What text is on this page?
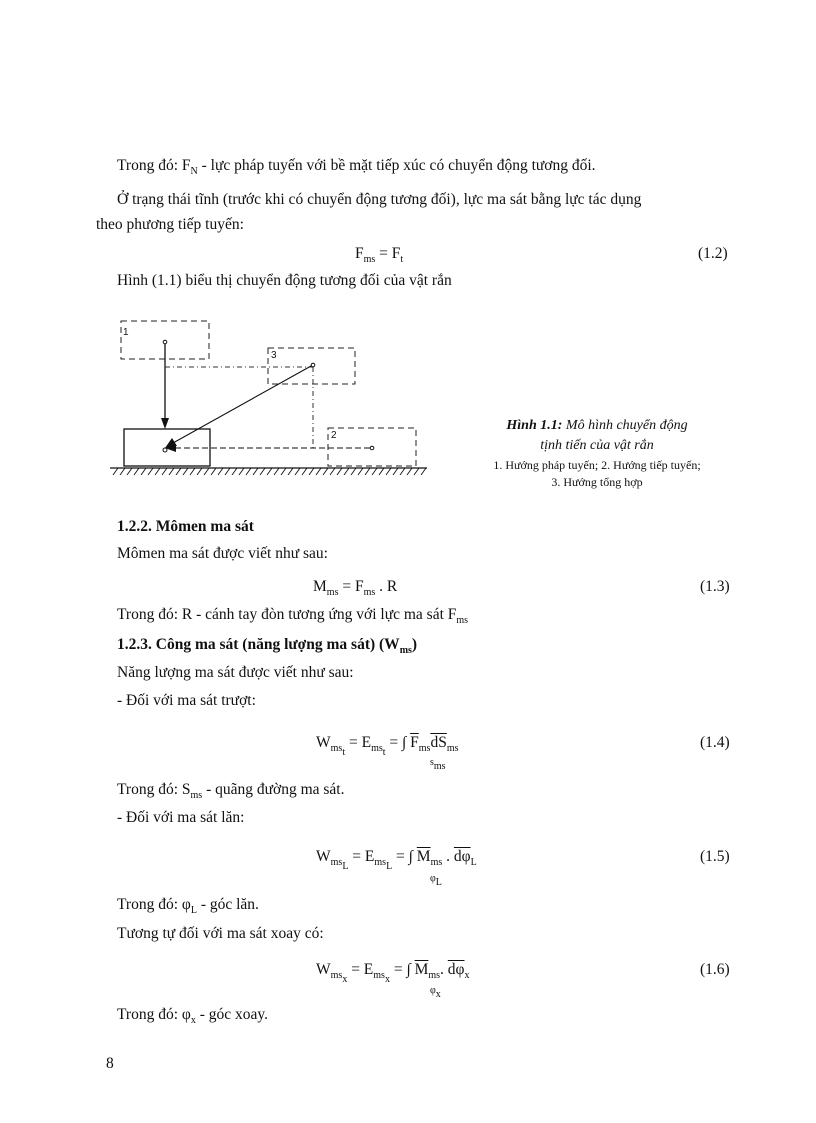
Trong đó: $F_N$ - lực pháp tuyến với bề mặt tiếp xúc có chuyển động tương đối.
Ở trạng thái tĩnh (trước khi có chuyển động tương đối), lực ma sát bằng lực tác dụng
theo phương tiếp tuyến:
$F_{ms} = F_t$	(1.2)
Hình (1.1) biểu thị chuyển động tương đối của vật rắn
1
3
2
Hình 1.1: Mô hình chuyển động
tịnh tiến của vật rắn
1. Hướng pháp tuyến; 2. Hướng tiếp tuyến;
3. Hướng tổng hợp
1.2.2. Mômen ma sát
Mômen ma sát được viết như sau:
$M_{ms} = F_{ms}$ . R	(1.3)
Trong đó: R - cánh tay đòn tương ứng với lực ma sát $F_{ms}$
1.2.3. Công ma sát (năng lượng ma sát) $(W_{ms})$
Năng lượng ma sát được viết như sau:
- Đối với ma sát trượt:
$W_{ms_t} = E_{ms_t}$ = ∫ $\overline{F}_{ms}\overline{dS}_{ms}$
$s_{ms}$
(1.4)
Trong đó: $S_{ms}$ - quãng đường ma sát.
- Đối với ma sát lăn:
$W_{ms_L} = E_{ms_L}$ = ∫ $\overline{M}_{ms}$ . $\overline{d\varphi}_L$
$\varphi_L$
(1.5)
Trong đó: $\varphi_L$ - góc lăn.
Tương tự đối với ma sát xoay có:
$W_{ms_x} = E_{ms_x}$ = ∫ $\overline{M}_{ms}$. $\overline{d\varphi}_x$
$\varphi_x$
(1.6)
Trong đó: $\varphi_x$ - góc xoay.
8
